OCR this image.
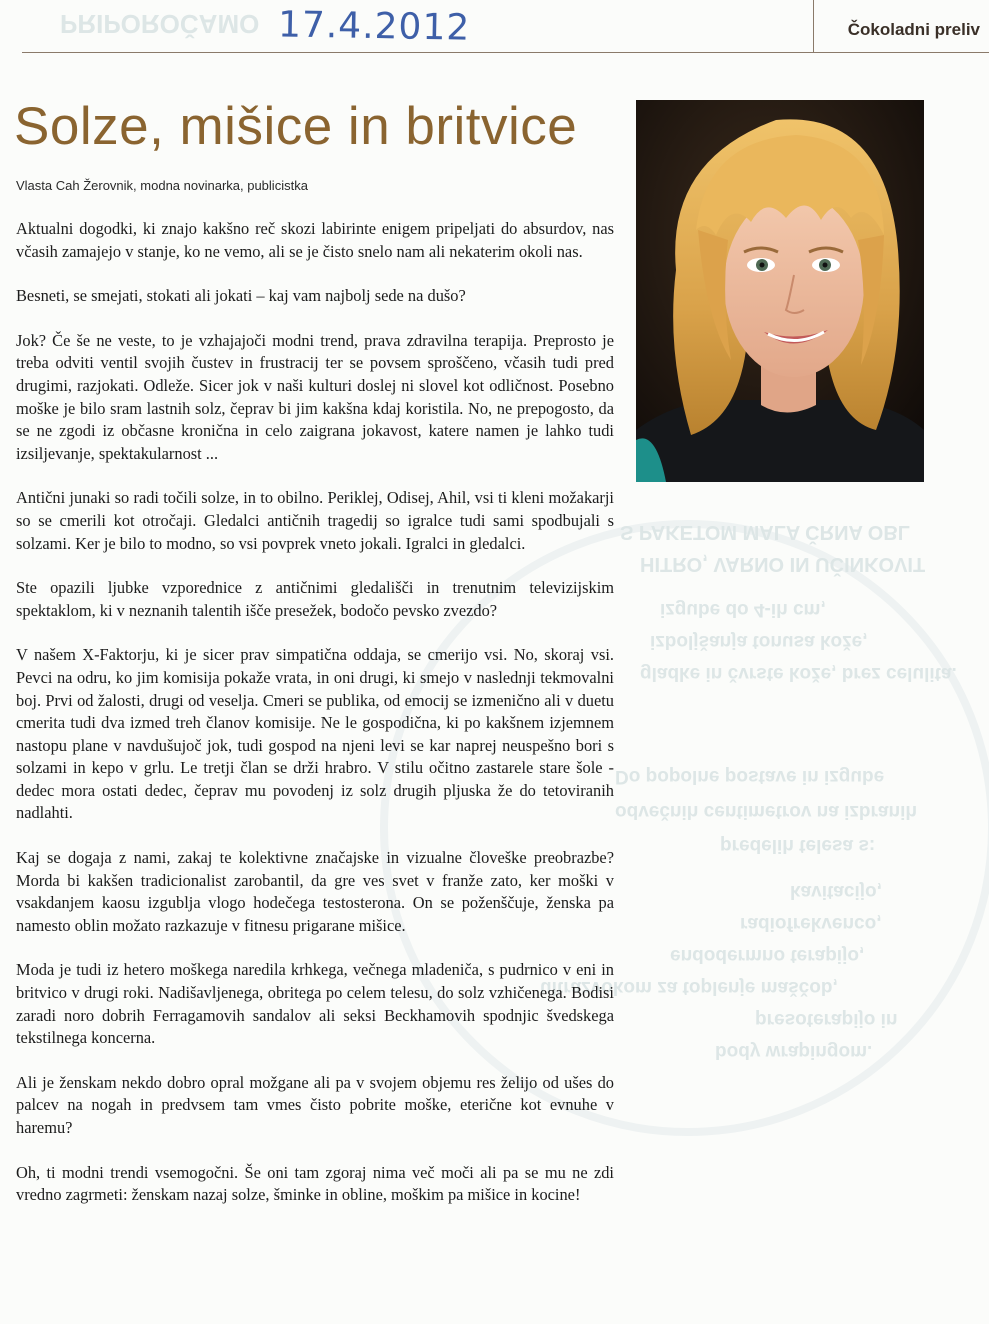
PRIPOROČAMO
S PAKETOM MALA ČRNA OBL
HITRO, VARNO IN UČINKOVIT
izgube do 4-ih cm,
izboljšanja tonusa kože,
gladke in čvrste kože, brez celulita.
Do popolne postave in izgube
odvečnih centimetrov na izbranih
predelih telesa s:
kavitacijo,
radiofrekvenco,
endodermno terapijo,
ultrazvokom za toplenje maščob,
presoterapijo in
body wrapingom.
17.4.2012	Čokoladni preliv
Solze, mišice in britvice
Vlasta Cah Žerovnik, modna novinarka, publicistka

Aktualni dogodki, ki znajo kakšno reč skozi labirinte enigem pripeljati do absurdov, nas včasih zamajejo v stanje, ko ne vemo, ali se je čisto snelo nam ali nekaterim okoli nas.

Besneti, se smejati, stokati ali jokati – kaj vam najbolj sede na dušo?

Jok? Če še ne veste, to je vzhajajoči modni trend, prava zdravilna terapija. Preprosto je treba odviti ventil svojih čustev in frustracij ter se povsem sproščeno, včasih tudi pred drugimi, razjokati. Odleže. Sicer jok v naši kulturi doslej ni slovel kot odličnost. Posebno moške je bilo sram lastnih solz, čeprav bi jim kakšna kdaj koristila. No, ne prepogosto, da se ne zgodi iz občasne kroničnа in celo zaigrana jokavost, katere namen je lahko tudi izsiljevanje, spektakularnost ...

Antični junaki so radi točili solze, in to obilno. Periklej, Odisej, Ahil, vsi ti kleni možakarji so se cmerili kot otročaji. Gledalci antičnih tragedij so igralce tudi sami spodbujali s solzami. Ker je bilo to modno, so vsi povprek vneto jokali. Igralci in gledalci.

Ste opazili ljubke vzporednice z antičnimi gledališči in trenutnim televizijskim spektaklom, ki v neznanih talentih išče presežek, bodočo pevsko zvezdo?

V našem X-Faktorju, ki je sicer prav simpatična oddaja, se cmerijo vsi. No, skoraj vsi. Pevci na odru, ko jim komisija pokaže vrata, in oni drugi, ki smejo v naslednji tekmovalni boj. Prvi od žalosti, drugi od veselja. Cmeri se publika, od emocij se izmenično ali v duetu cmerita tudi dva izmed treh članov komisije. Ne le gospodična, ki po kakšnem izjemnem nastopu plane v navdušujoč jok, tudi gospod na njeni levi se kar naprej neuspešno bori s solzami in kepo v grlu. Le tretji član se drži hrabro. V stilu očitno zastarele stare šole - dedec mora ostati dedec, čeprav mu povodenj iz solz drugih pljuska že do tetoviranih nadlahti.

Kaj se dogaja z nami, zakaj te kolektivne značajske in vizualne človeške preobrazbe? Morda bi kakšen tradicionalist zarobantil, da gre ves svet v franže zato, ker moški v vsakdanjem kaosu izgublja vlogo hodečega testosterona. On se poženščuje, ženska pa namesto oblin možato razkazuje v fitnesu prigarane mišice.

Moda je tudi iz hetero moškega naredila krhkega, večnega mladeniča, s pudrnico v eni in britvico v drugi roki. Nadišavljenega, obritega po celem telesu, do solz vzhičenega. Bodisi zaradi noro dobrih Ferragamovih sandalov ali seksi Beckhamovih spodnjic švedskega tekstilnega koncerna.

Ali je ženskam nekdo dobro opral možgane ali pa v svojem objemu res želijo od ušes do palcev na nogah in predvsem tam vmes čisto pobrite moške, eterične kot evnuhe v haremu?

Oh, ti modni trendi vsemogočni. Še oni tam zgoraj nima več moči ali pa se mu ne zdi vredno zagrmeti: ženskam nazaj solze, šminke in obline, moškim pa mišice in kocine!
